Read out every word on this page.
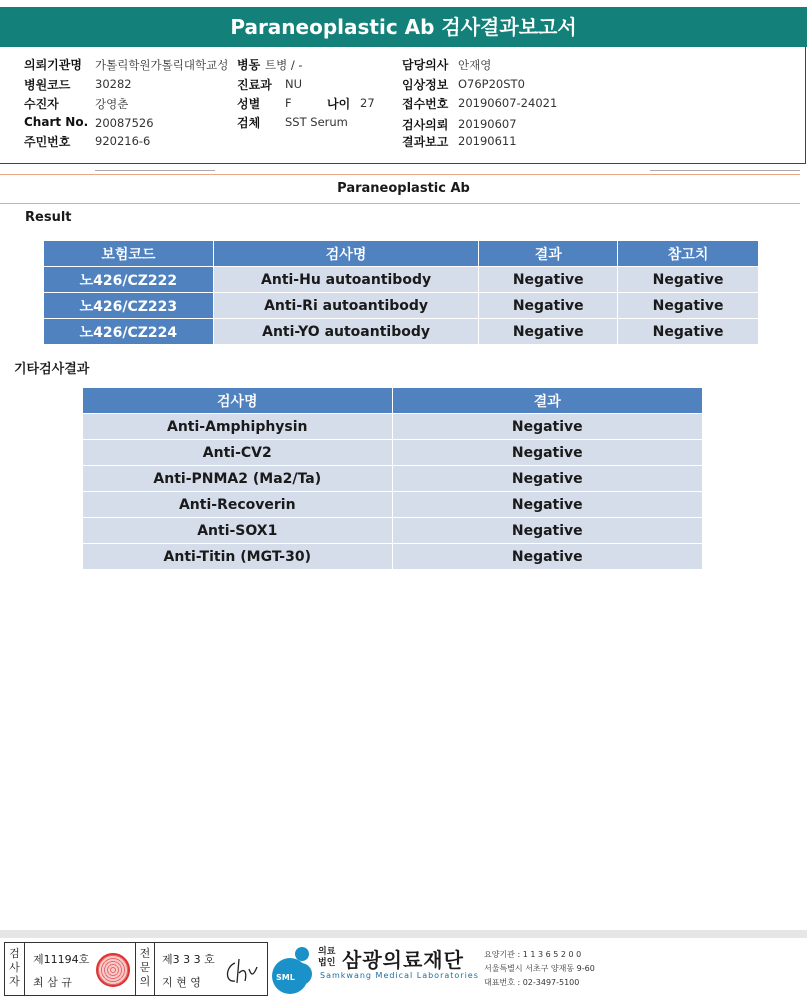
Paraneoplastic Ab 검사결과보고서
의뢰기관명 가톨릭학원가톨릭대학교성
병원코드 30282
수진자	강영춘
Chart No. 20087526
주민번호 920216-6
병동 트병 / -
진료과 NU
성별 F	나이 27
검체 SST Serum
담당의사 안재영
임상정보 O76P20ST0
접수번호 20190607-24021
검사의뢰 20190607
결과보고 20190611
Paraneoplastic Ab
Result
보험코드	검사명	결과	참고치
노426/CZ222	Anti-Hu autoantibody	Negative	Negative
노426/CZ223	Anti-Ri autoantibody	Negative	Negative
노426/CZ224	Anti-YO autoantibody	Negative	Negative
기타검사결과
검사명	결과
Anti-Amphiphysin	Negative
Anti-CV2	Negative
Anti-PNMA2 (Ma2/Ta)	Negative
Anti-Recoverin	Negative
Anti-SOX1	Negative
Anti-Titin (MGT-30)	Negative
검사자
제11194호
최 삼 규
전문의
제3 3 3 호
지 현 영	SML
의료법인 삼광의료재단
Samkwang Medical Laboratories
요양기관 : 1 1 3 6 5 2 0 0
서울특별시 서초구 양재동 9-60
대표번호 : 02-3497-5100
